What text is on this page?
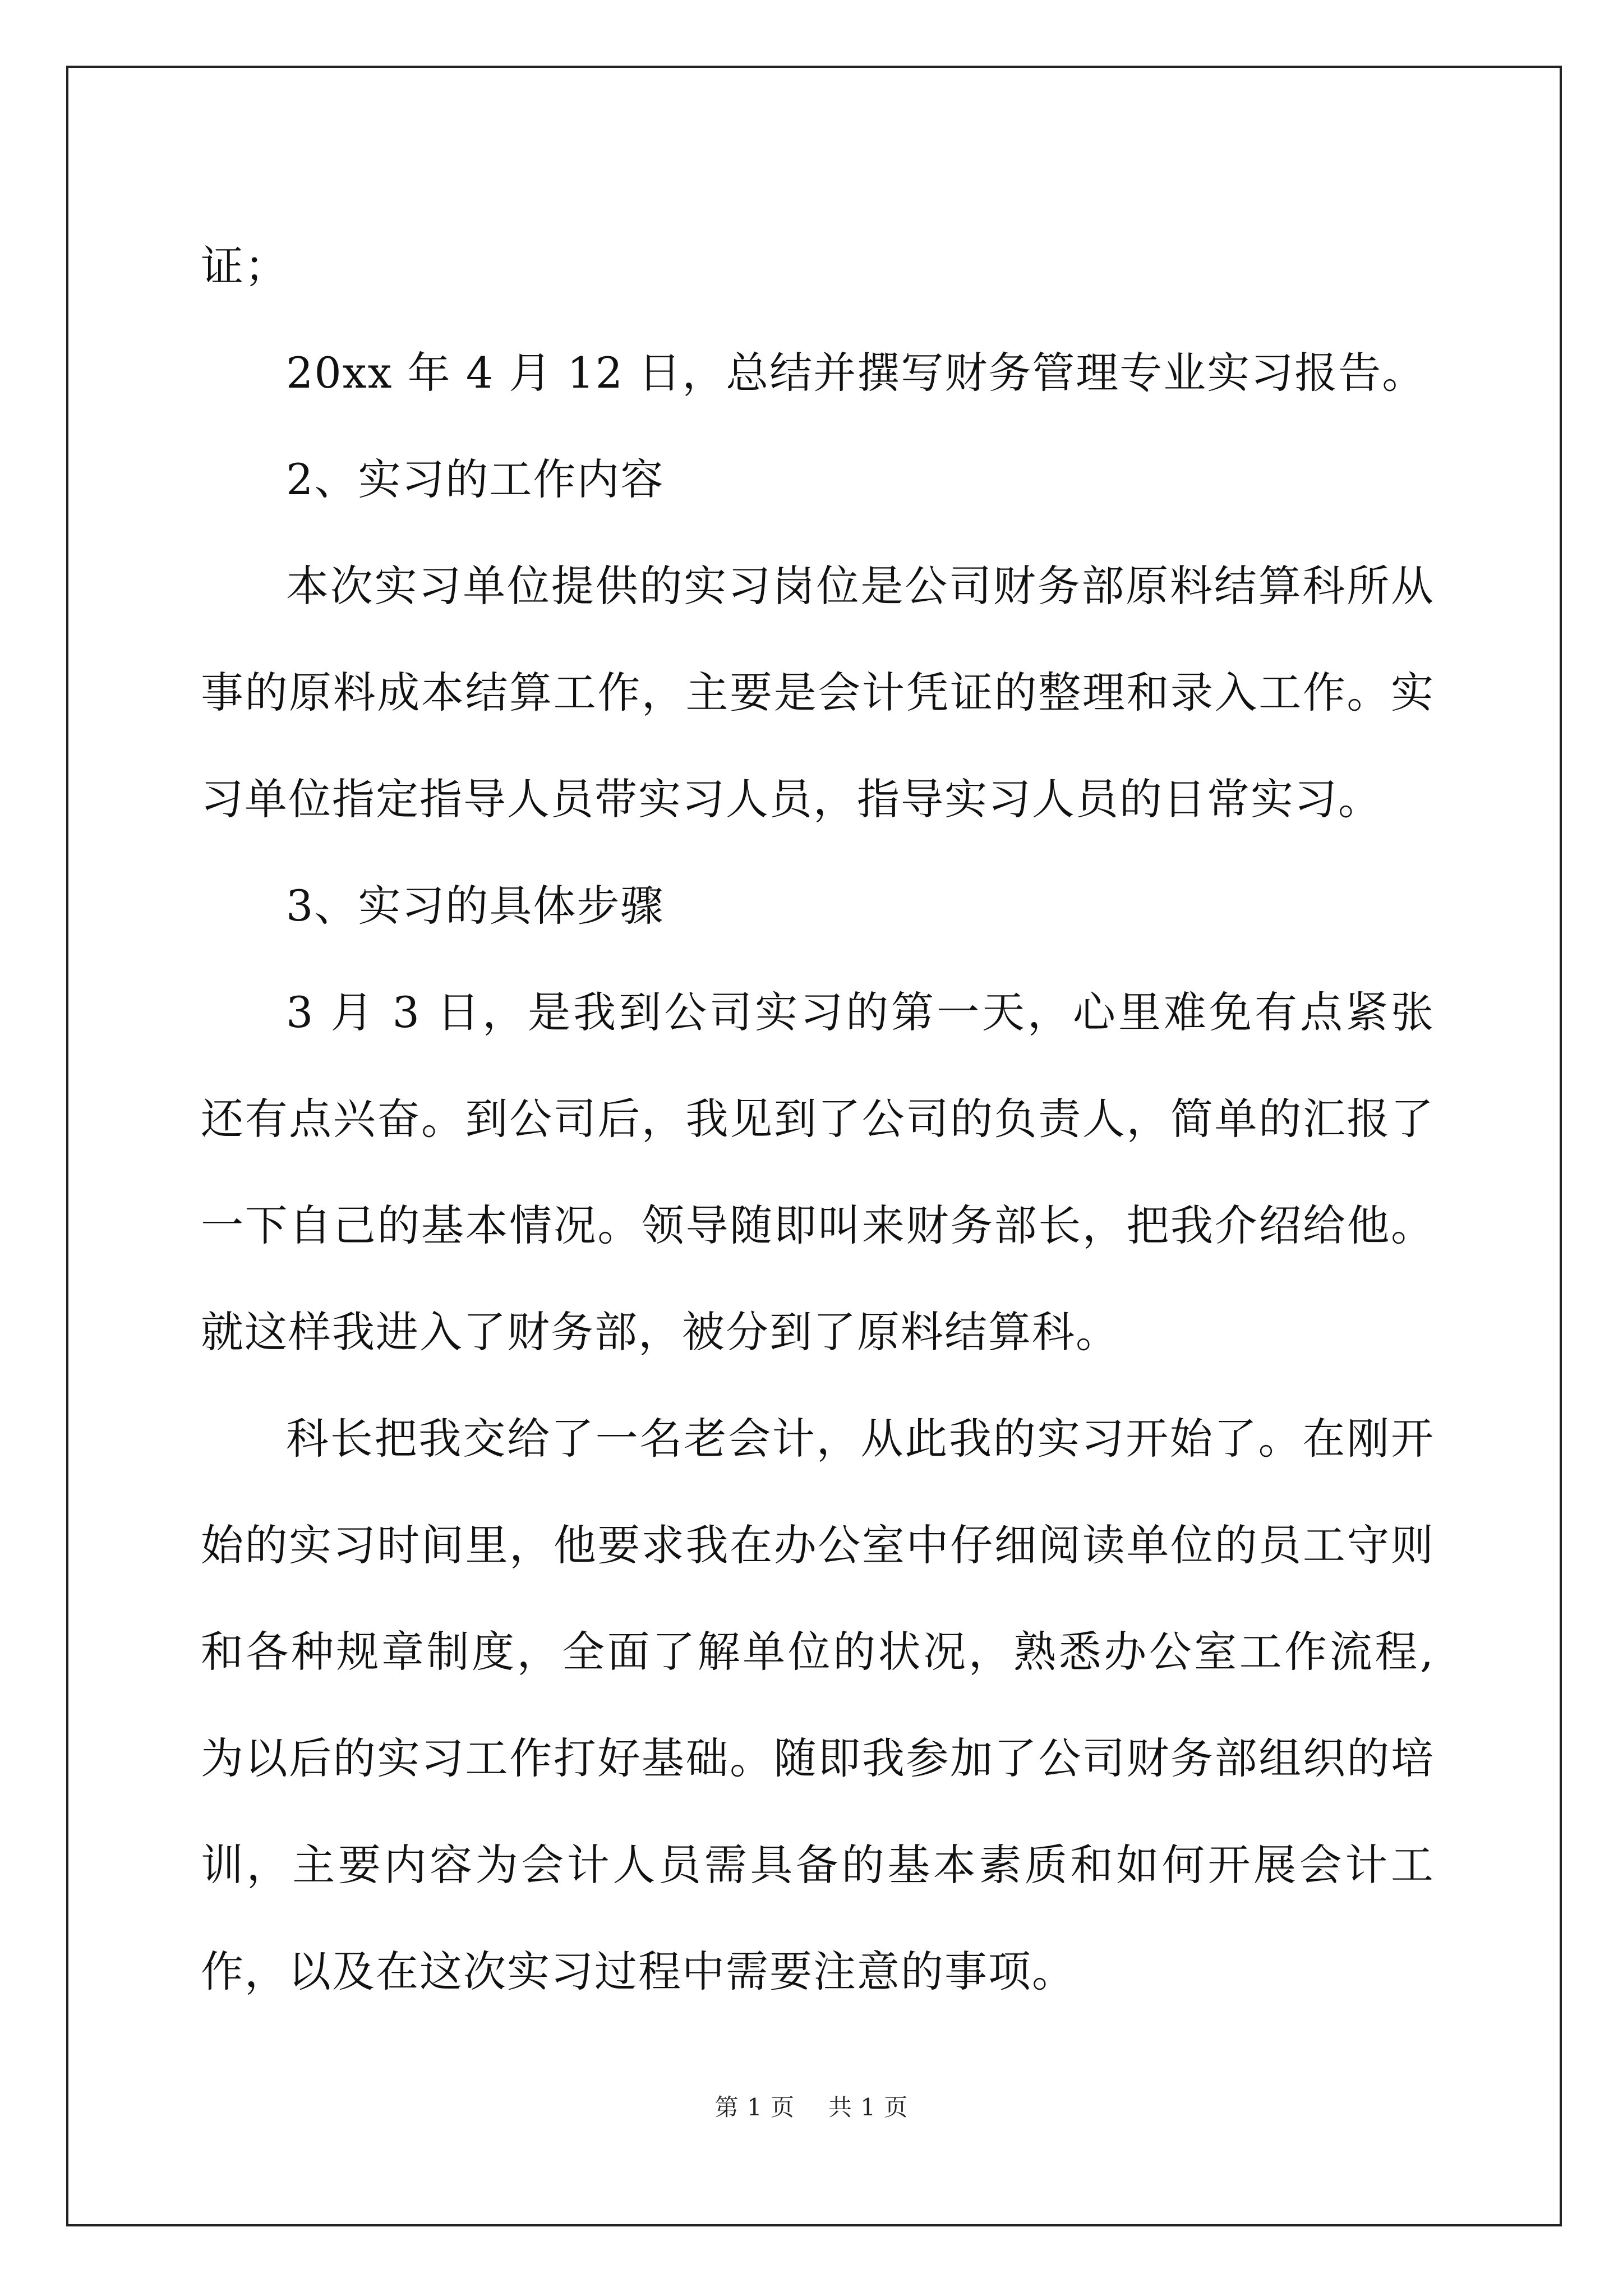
证；

20xx 年 4 月 12 日，总结并撰写财务管理专业实习报告。

2、实习的工作内容

本次实习单位提供的实习岗位是公司财务部原料结算科所从事的原料成本结算工作，主要是会计凭证的整理和录入工作。实习单位指定指导人员带实习人员，指导实习人员的日常实习。

3、实习的具体步骤

3 月 3 日，是我到公司实习的第一天，心里难免有点紧张还有点兴奋。到公司后，我见到了公司的负责人，简单的汇报了一下自己的基本情况。领导随即叫来财务部长，把我介绍给他。就这样我进入了财务部，被分到了原料结算科。

科长把我交给了一名老会计，从此我的实习开始了。在刚开始的实习时间里，他要求我在办公室中仔细阅读单位的员工守则和各种规章制度，全面了解单位的状况，熟悉办公室工作流程,为以后的实习工作打好基础。随即我参加了公司财务部组织的培训，主要内容为会计人员需具备的基本素质和如何开展会计工作，以及在这次实习过程中需要注意的事项。

第 1 页 共 1 页
